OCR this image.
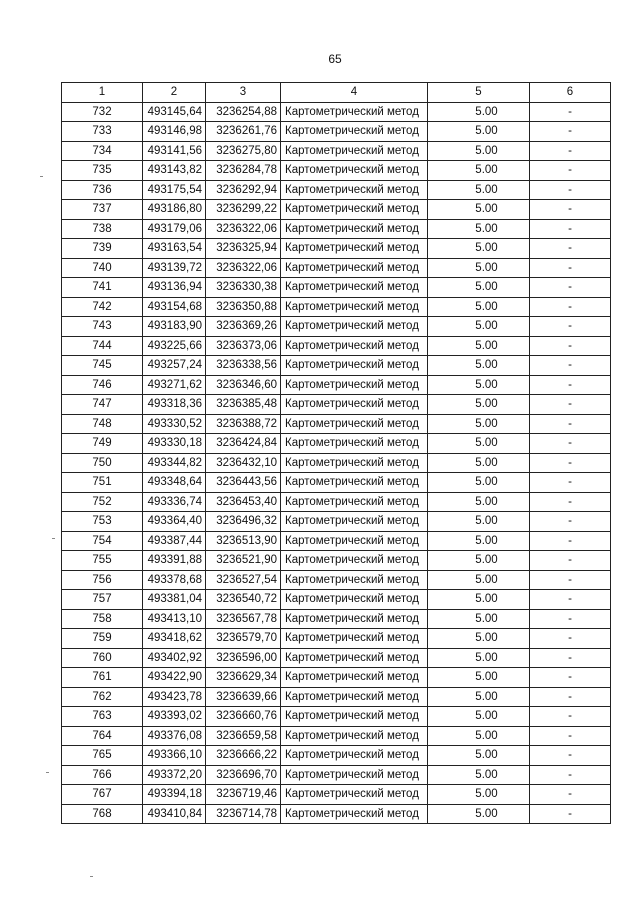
65
1	2	3	4	5	6
732	493145,64	3236254,88	Картометрический метод	5.00	-
733	493146,98	3236261,76	Картометрический метод	5.00	-
734	493141,56	3236275,80	Картометрический метод	5.00	-
735	493143,82	3236284,78	Картометрический метод	5.00	-
736	493175,54	3236292,94	Картометрический метод	5.00	-
737	493186,80	3236299,22	Картометрический метод	5.00	-
738	493179,06	3236322,06	Картометрический метод	5.00	-
739	493163,54	3236325,94	Картометрический метод	5.00	-
740	493139,72	3236322,06	Картометрический метод	5.00	-
741	493136,94	3236330,38	Картометрический метод	5.00	-
742	493154,68	3236350,88	Картометрический метод	5.00	-
743	493183,90	3236369,26	Картометрический метод	5.00	-
744	493225,66	3236373,06	Картометрический метод	5.00	-
745	493257,24	3236338,56	Картометрический метод	5.00	-
746	493271,62	3236346,60	Картометрический метод	5.00	-
747	493318,36	3236385,48	Картометрический метод	5.00	-
748	493330,52	3236388,72	Картометрический метод	5.00	-
749	493330,18	3236424,84	Картометрический метод	5.00	-
750	493344,82	3236432,10	Картометрический метод	5.00	-
751	493348,64	3236443,56	Картометрический метод	5.00	-
752	493336,74	3236453,40	Картометрический метод	5.00	-
753	493364,40	3236496,32	Картометрический метод	5.00	-
754	493387,44	3236513,90	Картометрический метод	5.00	-
755	493391,88	3236521,90	Картометрический метод	5.00	-
756	493378,68	3236527,54	Картометрический метод	5.00	-
757	493381,04	3236540,72	Картометрический метод	5.00	-
758	493413,10	3236567,78	Картометрический метод	5.00	-
759	493418,62	3236579,70	Картометрический метод	5.00	-
760	493402,92	3236596,00	Картометрический метод	5.00	-
761	493422,90	3236629,34	Картометрический метод	5.00	-
762	493423,78	3236639,66	Картометрический метод	5.00	-
763	493393,02	3236660,76	Картометрический метод	5.00	-
764	493376,08	3236659,58	Картометрический метод	5.00	-
765	493366,10	3236666,22	Картометрический метод	5.00	-
766	493372,20	3236696,70	Картометрический метод	5.00	-
767	493394,18	3236719,46	Картометрический метод	5.00	-
768	493410,84	3236714,78	Картометрический метод	5.00	-
